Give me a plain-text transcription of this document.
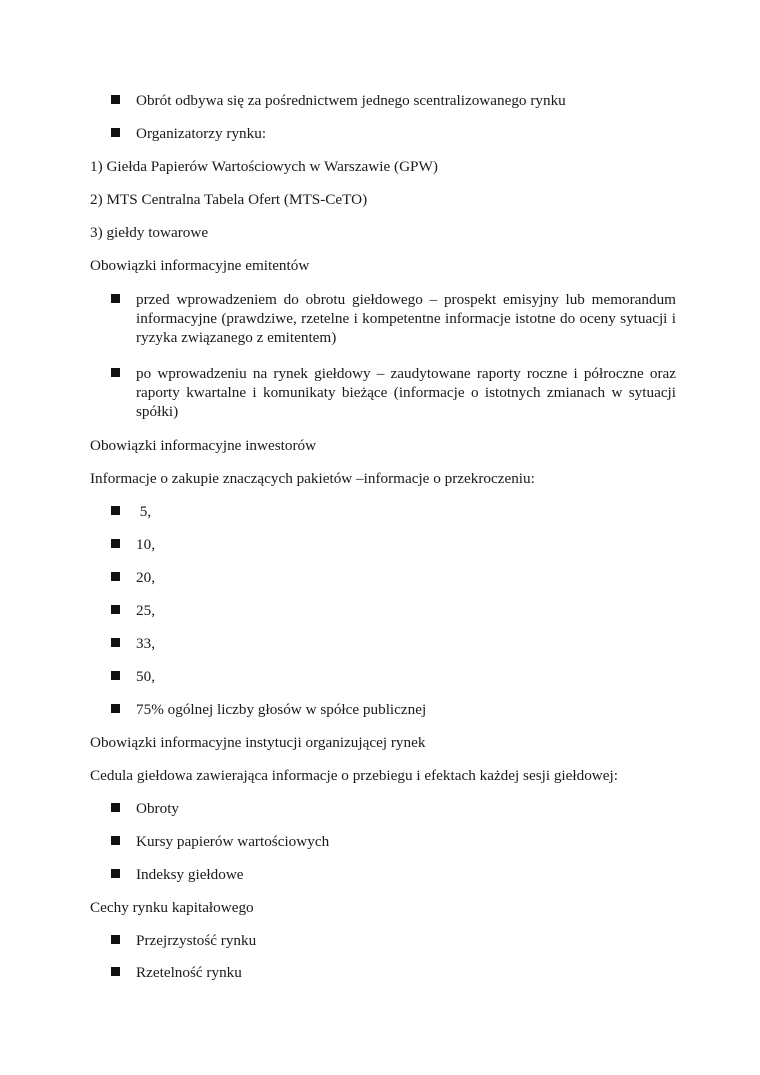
Obrót odbywa się za pośrednictwem jednego scentralizowanego rynku
Organizatorzy rynku:
1) Giełda Papierów Wartościowych w Warszawie (GPW)
2) MTS Centralna Tabela Ofert (MTS-CeTO)
3) giełdy towarowe
Obowiązki informacyjne emitentów
przed wprowadzeniem do obrotu giełdowego – prospekt emisyjny lub memorandum informacyjne (prawdziwe, rzetelne i kompetentne informacje istotne do oceny sytuacji i ryzyka związanego z emitentem)
po wprowadzeniu na rynek giełdowy – zaudytowane raporty roczne i półroczne oraz raporty kwartalne i komunikaty bieżące (informacje o istotnych zmianach w sytuacji spółki)
Obowiązki informacyjne inwestorów
Informacje o zakupie znaczących pakietów –informacje o przekroczeniu:
5,
10,
20,
25,
33,
50,
75% ogólnej liczby głosów w spółce publicznej
Obowiązki informacyjne instytucji organizującej rynek
Cedula giełdowa zawierająca informacje o przebiegu i efektach każdej sesji giełdowej:
Obroty
Kursy papierów wartościowych
Indeksy giełdowe
Cechy rynku kapitałowego
Przejrzystość rynku
Rzetelność rynku
